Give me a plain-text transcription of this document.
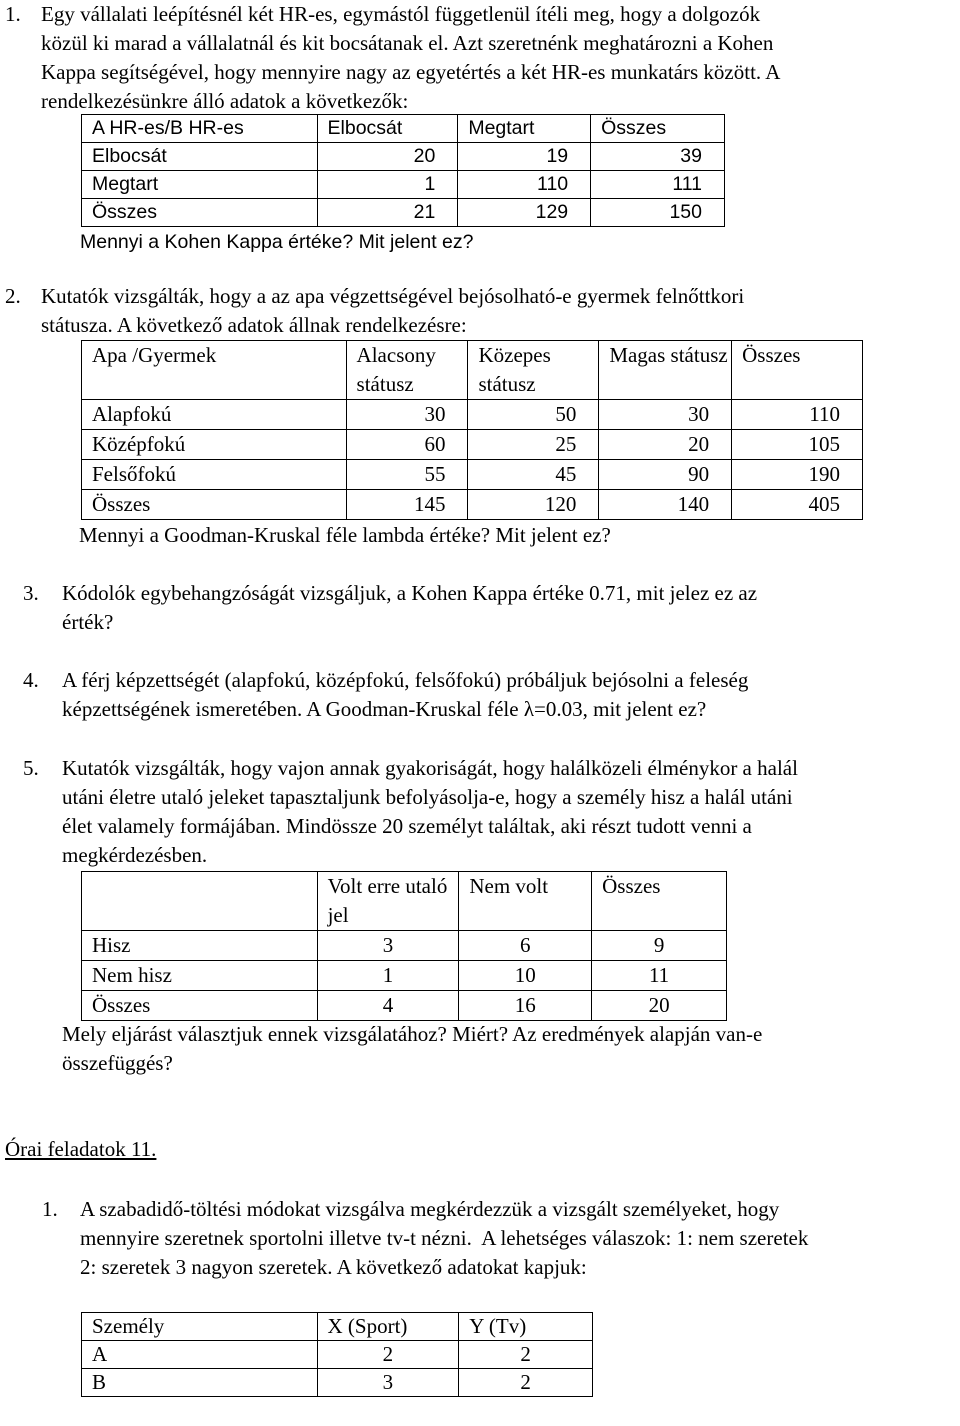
1. Egy vállalati leépítésnél két HR-es, egymástól függetlenül ítéli meg, hogy a dolgozók

közül ki marad a vállalatnál és kit bocsátanak el. Azt szeretnénk meghatározni a Kohen

Kappa segítségével, hogy mennyire nagy az egyetértés a két HR-es munkatárs között. A

rendelkezésünkre álló adatok a következők:

A HR-es/B HR-es	Elbocsát	Megtart	Összes
Elbocsát	20	19	39
Megtart	1	110	111
Összes	21	129	150
Mennyi a Kohen Kappa értéke? Mit jelent ez?
2. Kutatók vizsgálták, hogy a az apa végzettségével bejósolható-e gyermek felnőttkori

státusza. A következő adatok állnak rendelkezésre:

Apa /Gyermek	Alacsony státusz	Közepes státusz	Magas státusz	Összes
Alapfokú	30	50	30	110
Középfokú	60	25	20	105
Felsőfokú	55	45	90	190
Összes	145	120	140	405
Mennyi a Goodman-Kruskal féle lambda értéke? Mit jelent ez?
3. Kódolók egybehangzóságát vizsgáljuk, a Kohen Kappa értéke 0.71, mit jelez ez az

érték?

4. A férj képzettségét (alapfokú, középfokú, felsőfokú) próbáljuk bejósolni a feleség

képzettségének ismeretében. A Goodman-Kruskal féle λ=0.03, mit jelent ez?

5. Kutatók vizsgálták, hogy vajon annak gyakoriságát, hogy halálközeli élménykor a halál

utáni életre utaló jeleket tapasztaljunk befolyásolja-e, hogy a személy hisz a halál utáni

élet valamely formájában. Mindössze 20 személyt találtak, aki részt tudott venni a

megkérdezésben.

	Volt erre utaló jel	Nem volt	Összes
Hisz	3	6	9
Nem hisz	1	10	11
Összes	4	16	20

Mely eljárást választjuk ennek vizsgálatához? Miért? Az eredmények alapján van-e

összefüggés?

Órai feladatok 11.
1. A szabadidő-töltési módokat vizsgálva megkérdezzük a vizsgált személyeket, hogy

mennyire szeretnek sportolni illetve tv-t nézni.  A lehetséges válaszok: 1: nem szeretek

2: szeretek 3 nagyon szeretek. A következő adatokat kapjuk:

Személy	X (Sport)	Y (Tv)
A	2	2
B	3	2
